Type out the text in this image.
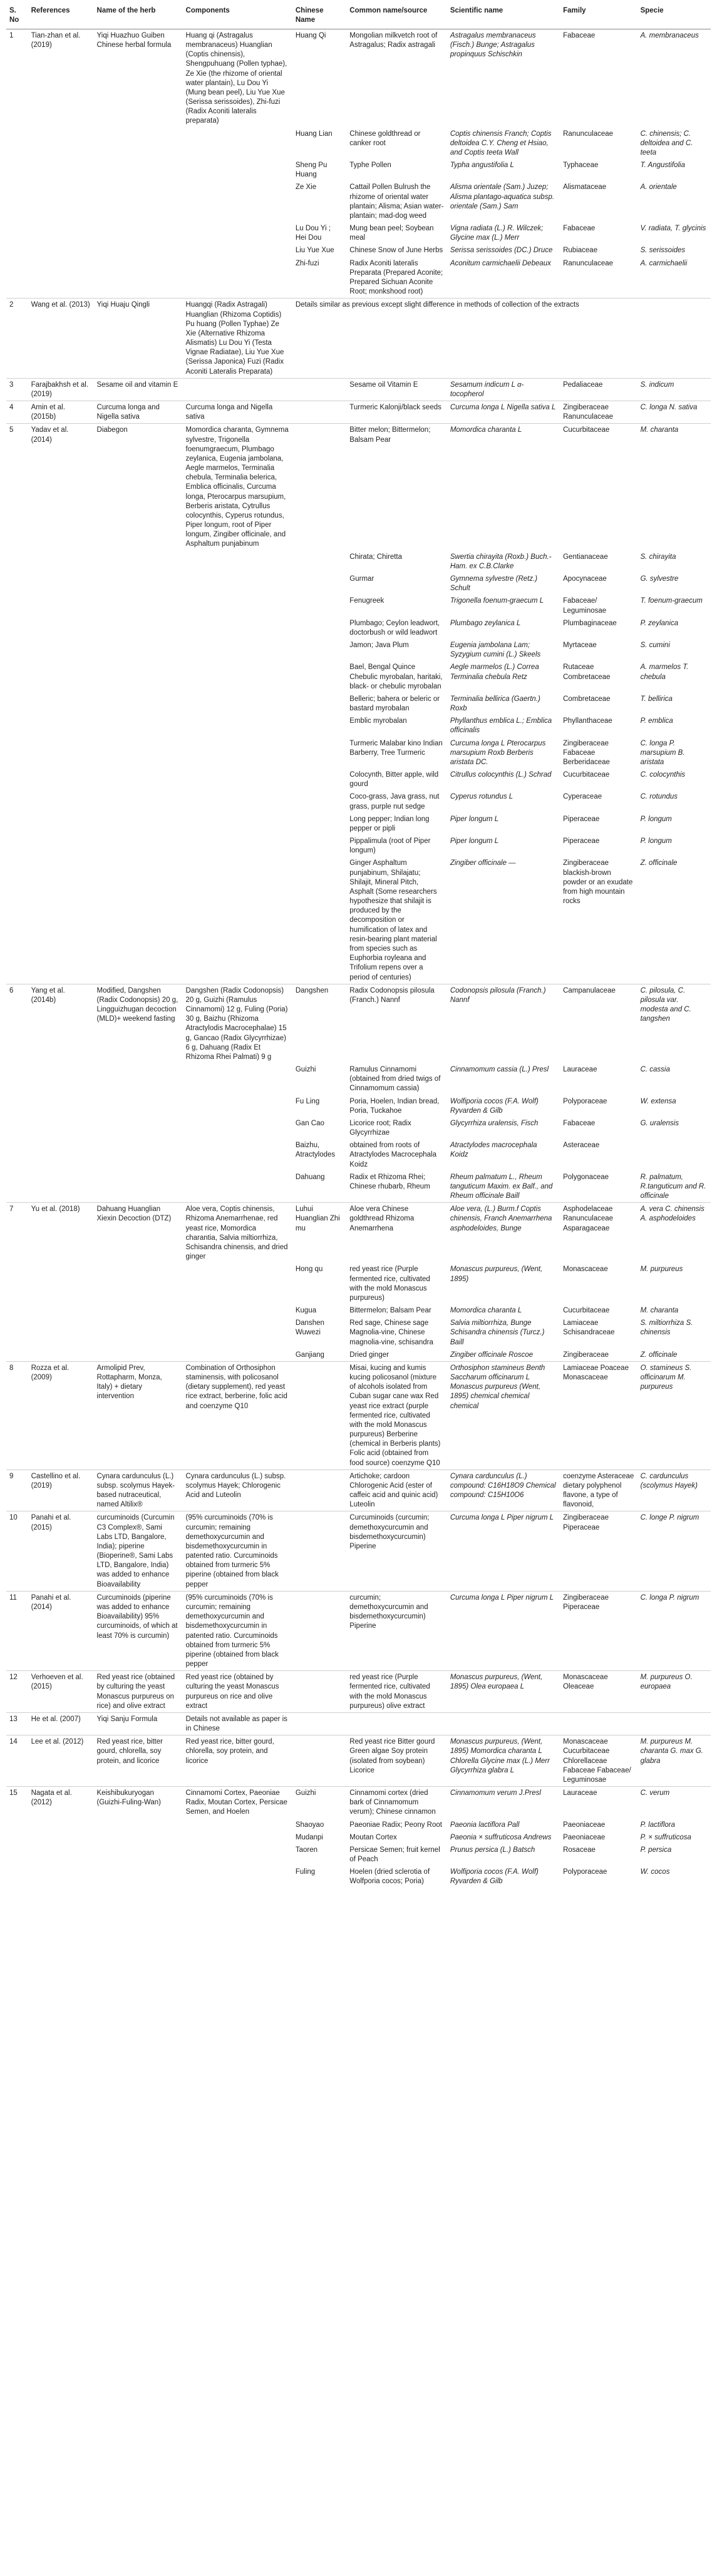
S. No	References	Name of the herb	Components	Chinese Name	Common name/source	Scientific name	Family	Specie
1	Tian-zhan et al. (2019)	Yiqi Huazhuo Guiben Chinese herbal formula	Huang qi (Astragalus membranaceus) Huanglian (Coptis chinensis), Shengpuhuang (Pollen typhae), Ze Xie (the rhizome of oriental water plantain), Lu Dou Yi (Mung bean peel), Liu Yue Xue (Serissa serissoides), Zhi-fuzi (Radix Aconiti lateralis preparata)	Huang Qi	Mongolian milkvetch root of Astragalus; Radix astragali	Astragalus membranaceus (Fisch.) Bunge; Astragalus propinquus Schischkin	Fabaceae	A. membranaceus
				Huang Lian	Chinese goldthread or canker root	Coptis chinensis Franch; Coptis deltoidea C.Y. Cheng et Hsiao, and Coptis teeta Wall	Ranunculaceae	C. chinensis; C. deltoidea and C. teeta
				Sheng Pu Huang	Typhe Pollen	Typha angustifolia L	Typhaceae	T. Angustifolia
				Ze Xie	Cattail Pollen Bulrush the rhizome of oriental water plantain; Alisma; Asian water-plantain; mad-dog weed	Alisma orientale (Sam.) Juzep; Alisma plantago-aquatica subsp. orientale (Sam.) Sam	Alismataceae	A. orientale
				Lu Dou Yi ; Hei Dou	Mung bean peel; Soybean meal	Vigna radiata (L.) R. Wilczek; Glycine max (L.) Merr	Fabaceae	V. radiata, T. glycinis
				Liu Yue Xue	Chinese Snow of June Herbs	Serissa serissoides (DC.) Druce	Rubiaceae	S. serissoides
				Zhi-fuzi	Radix Aconiti lateralis Preparata (Prepared Aconite; Prepared Sichuan Aconite Root; monkshood root)	Aconitum carmichaelii Debeaux	Ranunculaceae	A. carmichaelii
2	Wang et al. (2013)	Yiqi Huaju Qingli	Huangqi (Radix Astragali) Huanglian (Rhizoma Coptidis) Pu huang (Pollen Typhae) Ze Xie (Alternative Rhizoma Alismatis) Lu Dou Yi (Testa Vignae Radiatae), Liu Yue Xue (Serissa Japonica) Fuzi (Radix Aconiti Lateralis Preparata)	Details similar as previous except slight difference in methods of collection of the extracts				
3	Farajbakhsh et al. (2019)	Sesame oil and vitamin E			Sesame oil Vitamin E	Sesamum indicum L α- tocopherol	Pedaliaceae	S. indicum
4	Amin et al. (2015b)	Curcuma longa and Nigella sativa	Curcuma longa and Nigella sativa		Turmeric Kalonji/black seeds	Curcuma longa L Nigella sativa L	Zingiberaceae Ranunculaceae	C. longa N. sativa
5	Yadav et al. (2014)	Diabegon	Momordica charanta, Gymnema sylvestre, Trigonella foenumgraecum, Plumbago zeylanica, Eugenia jambolana, Aegle marmelos, Terminalia chebula, Terminalia belerica, Emblica officinalis, Curcuma longa, Pterocarpus marsupium, Berberis aristata, Cytrullus colocynthis, Cyperus rotundus, Piper longum, root of Piper longum, Zingiber officinale, and Asphaltum punjabinum		Bitter melon; Bittermelon; Balsam Pear	Momordica charanta L	Cucurbitaceae	M. charanta
					Chirata; Chiretta	Swertia chirayita (Roxb.) Buch.-Ham. ex C.B.Clarke	Gentianaceae	S. chirayita
					Gurmar	Gymnema sylvestre (Retz.) Schult	Apocynaceae	G. sylvestre
					Fenugreek	Trigonella foenum-graecum L	Fabaceae/ Leguminosae	T. foenum-graecum
					Plumbago; Ceylon leadwort, doctorbush or wild leadwort	Plumbago zeylanica L	Plumbaginaceae	P. zeylanica
					Jamon; Java Plum	Eugenia jambolana Lam; Syzygium cumini (L.) Skeels	Myrtaceae	S. cumini
					Bael, Bengal Quince Chebulic myrobalan, haritaki, black- or chebulic myrobalan	Aegle marmelos (L.) Correa Terminalia chebula Retz	Rutaceae Combretaceae	A. marmelos T. chebula
					Belleric; bahera or beleric or bastard myrobalan	Terminalia bellirica (Gaertn.) Roxb	Combretaceae	T. bellirica
					Emblic myrobalan	Phyllanthus emblica L.; Emblica officinalis	Phyllanthaceae	P. emblica
					Turmeric Malabar kino Indian Barberry, Tree Turmeric	Curcuma longa L Pterocarpus marsupium Roxb Berberis aristata DC.	Zingiberaceae Fabaceae Berberidaceae	C. longa P. marsupium B. aristata
					Colocynth, Bitter apple, wild gourd	Citrullus colocynthis (L.) Schrad	Cucurbitaceae	C. colocynthis
					Coco-grass, Java grass, nut grass, purple nut sedge	Cyperus rotundus L	Cyperaceae	C. rotundus
					Long pepper; Indian long pepper or pipli	Piper longum L	Piperaceae	P. longum
					Pippalimula (root of Piper longum)	Piper longum L	Piperaceae	P. longum
					Ginger Asphaltum punjabinum, Shilajatu; Shilajit, Mineral Pitch, Asphalt (Some researchers hypothesize that shilajit is produced by the decomposition or humification of latex and resin-bearing plant material from species such as Euphorbia royleana and Trifolium repens over a period of centuries)	Zingiber officinale —	Zingiberaceae blackish-brown powder or an exudate from high mountain rocks	Z. officinale
6	Yang et al. (2014b)	Modified, Dangshen (Radix Codonopsis) 20 g, Lingguizhugan decoction (MLD)+ weekend fasting	Dangshen (Radix Codonopsis) 20 g, Guizhi (Ramulus Cinnamomi) 12 g, Fuling (Poria) 30 g, Baizhu (Rhizoma Atractylodis Macrocephalae) 15 g, Gancao (Radix Glycyrrhizae) 6 g, Dahuang (Radix Et Rhizoma Rhei Palmati) 9 g	Dangshen	Radix Codonopsis pilosula (Franch.) Nannf	Codonopsis pilosula (Franch.) Nannf	Campanulaceae	C. pilosula, C. pilosula var. modesta and C. tangshen
				Guizhi	Ramulus Cinnamomi (obtained from dried twigs of Cinnamomum cassia)	Cinnamomum cassia (L.) Presl	Lauraceae	C. cassia
				Fu Ling	Poria, Hoelen, Indian bread, Poria, Tuckahoe	Wolfiporia cocos (F.A. Wolf) Ryvarden & Gilb	Polyporaceae	W. extensa
				Gan Cao	Licorice root; Radix Glycyrrhizae	Glycyrrhiza uralensis, Fisch	Fabaceae	G. uralensis
				Baizhu, Atractylodes	obtained from roots of Atractylodes Macrocephala Koidz	Atractylodes macrocephala Koidz	Asteraceae	
				Dahuang	Radix et Rhizoma Rhei; Chinese rhubarb, Rheum	Rheum palmatum L., Rheum tanguticum Maxim. ex Balf., and Rheum officinale Baill	Polygonaceae	R. palmatum, R.tanguticum and R. officinale
7	Yu et al. (2018)	Dahuang Huanglian Xiexin Decoction (DTZ)	Aloe vera, Coptis chinensis, Rhizoma Anemarrhenae, red yeast rice, Momordica charantia, Salvia miltiorrhiza, Schisandra chinensis, and dried ginger	Luhui Huanglian Zhi mu	Aloe vera Chinese goldthread Rhizoma Anemarrhena	Aloe vera, (L.) Burm.f Coptis chinensis, Franch Anemarrhena asphodeloides, Bunge	Asphodelaceae Ranunculaceae Asparagaceae	A. vera C. chinensis A. asphodeloides
				Hong qu	red yeast rice (Purple fermented rice, cultivated with the mold Monascus purpureus)	Monascus purpureus, (Went, 1895)	Monascaceae	M. purpureus
				Kugua	Bittermelon; Balsam Pear	Momordica charanta L	Cucurbitaceae	M. charanta
				Danshen Wuwezi	Red sage, Chinese sage Magnolia-vine, Chinese magnolia-vine, schisandra	Salvia miltiorrhiza, Bunge Schisandra chinensis (Turcz.) Baill	Lamiaceae Schisandraceae	S. miltiorrhiza S. chinensis
				Ganjiang	Dried ginger	Zingiber officinale Roscoe	Zingiberaceae	Z. officinale
8	Rozza et al. (2009)	Armolipid Prev, Rottapharm, Monza, Italy) + dietary intervention	Combination of Orthosiphon staminensis, with policosanol (dietary supplement), red yeast rice extract, berberine, folic acid and coenzyme Q10		Misai, kucing and kumis kucing policosanol (mixture of alcohols isolated from Cuban sugar cane wax Red yeast rice extract (purple fermented rice, cultivated with the mold Monascus purpureus) Berberine (chemical in Berberis plants) Folic acid (obtained from food source) coenzyme Q10	Orthosiphon stamineus Benth Saccharum officinarum L Monascus purpureus (Went, 1895) chemical chemical chemical	Lamiaceae Poaceae Monascaceae	O. stamineus S. officinarum M. purpureus
9	Castellino et al. (2019)	Cynara cardunculus (L.) subsp. scolymus Hayek-based nutraceutical, named Altilix®	Cynara cardunculus (L.) subsp. scolymus Hayek; Chlorogenic Acid and Luteolin		Artichoke; cardoon Chlorogenic Acid (ester of caffeic acid and quinic acid) Luteolin	Cynara cardunculus (L.) compound: C16H18O9 Chemical compound: C15H10O6	coenzyme Asteraceae dietary polyphenol flavone, a type of flavonoid,	C. cardunculus (scolymus Hayek)
10	Panahi et al. (2015)	curcuminoids (Curcumin C3 Complex®, Sami Labs LTD, Bangalore, India); piperine (Bioperine®, Sami Labs LTD, Bangalore, India) was added to enhance Bioavailability	(95% curcuminoids (70% is curcumin; remaining demethoxycurcumin and bisdemethoxycurcumin in patented ratio. Curcuminoids obtained from turmeric 5% piperine (obtained from black pepper		Curcuminoids (curcumin; demethoxycurcumin and bisdemethoxycurcumin) Piperine	Curcuma longa L Piper nigrum L	Zingiberaceae Piperaceae	C. longe P. nigrum
11	Panahi et al. (2014)	Curcuminoids (piperine was added to enhance Bioavailability) 95% curcuminoids, of which at least 70% is curcumin)	(95% curcuminoids (70% is curcumin; remaining demethoxycurcumin and bisdemethoxycurcumin in patented ratio. Curcuminoids obtained from turmeric 5% piperine (obtained from black pepper		curcumin; demethoxycurcumin and bisdemethoxycurcumin) Piperine	Curcuma longa L Piper nigrum L	Zingiberaceae Piperaceae	C. longa P. nigrum
12	Verhoeven et al. (2015)	Red yeast rice (obtained by culturing the yeast Monascus purpureus on rice) and olive extract	Red yeast rice (obtained by culturing the yeast Monascus purpureus on rice and olive extract		red yeast rice (Purple fermented rice, cultivated with the mold Monascus purpureus) olive extract	Monascus purpureus, (Went, 1895) Olea europaea L	Monascaceae Oleaceae	M. purpureus O. europaea
13	He et al. (2007)	Yiqi Sanju Formula	Details not available as paper is in Chinese					
14	Lee et al. (2012)	Red yeast rice, bitter gourd, chlorella, soy protein, and licorice	Red yeast rice, bitter gourd, chlorella, soy protein, and licorice		Red yeast rice Bitter gourd Green algae Soy protein (isolated from soybean) Licorice	Monascus purpureus, (Went, 1895) Momordica charanta L Chlorella Glycine max (L.) Merr Glycyrrhiza glabra L	Monascaceae Cucurbitaceae Chlorellaceae Fabaceae Fabaceae/ Leguminosae	M. purpureus M. charanta G. max G. glabra
15	Nagata et al. (2012)	Keishibukuryogan (Guizhi-Fuling-Wan)	Cinnamomi Cortex, Paeoniae Radix, Moutan Cortex, Persicae Semen, and Hoelen	Guizhi	Cinnamomi cortex (dried bark of Cinnamomum verum); Chinese cinnamon	Cinnamomum verum J.Presl	Lauraceae	C. verum
				Shaoyao	Paeoniae Radix; Peony Root	Paeonia lactiflora Pall	Paeoniaceae	P. lactiflora
				Mudanpi	Moutan Cortex	Paeonia × suffruticosa Andrews	Paeoniaceae	P. × suffruticosa
				Taoren	Persicae Semen; fruit kernel of Peach	Prunus persica (L.) Batsch	Rosaceae	P. persica
				Fuling	Hoelen (dried sclerotia of Wolfporia cocos; Poria)	Wolfiporia cocos (F.A. Wolf) Ryvarden & Gilb	Polyporaceae	W. cocos
